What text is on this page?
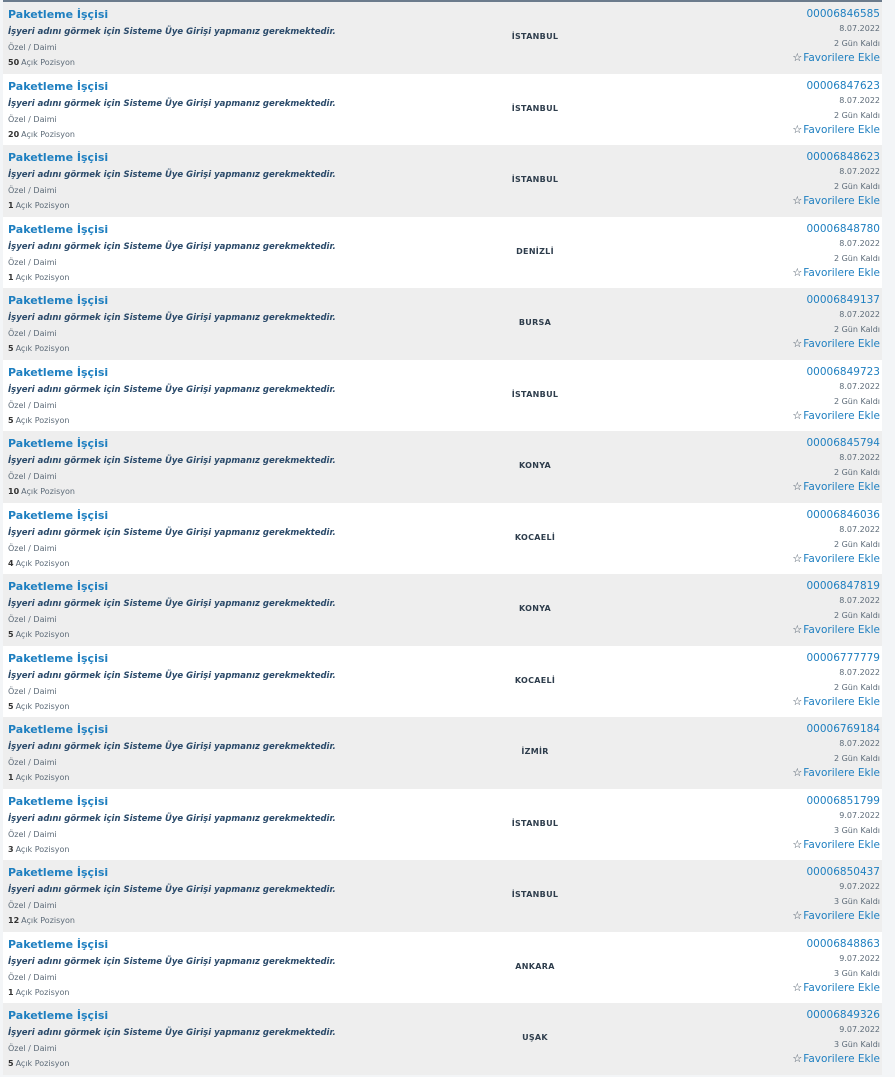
Paketleme İşçisi
İşyeri adını görmek için Sisteme Üye Girişi yapmanız gerekmektedir.
Özel / Daimi
50 Açık Pozisyon
İSTANBUL
00006846585
8.07.2022
2 Gün Kaldı
☆Favorilere Ekle
Paketleme İşçisi
İşyeri adını görmek için Sisteme Üye Girişi yapmanız gerekmektedir.
Özel / Daimi
20 Açık Pozisyon
İSTANBUL
00006847623
8.07.2022
2 Gün Kaldı
☆Favorilere Ekle
Paketleme İşçisi
İşyeri adını görmek için Sisteme Üye Girişi yapmanız gerekmektedir.
Özel / Daimi
1 Açık Pozisyon
İSTANBUL
00006848623
8.07.2022
2 Gün Kaldı
☆Favorilere Ekle
Paketleme İşçisi
İşyeri adını görmek için Sisteme Üye Girişi yapmanız gerekmektedir.
Özel / Daimi
1 Açık Pozisyon
DENİZLİ
00006848780
8.07.2022
2 Gün Kaldı
☆Favorilere Ekle
Paketleme İşçisi
İşyeri adını görmek için Sisteme Üye Girişi yapmanız gerekmektedir.
Özel / Daimi
5 Açık Pozisyon
BURSA
00006849137
8.07.2022
2 Gün Kaldı
☆Favorilere Ekle
Paketleme İşçisi
İşyeri adını görmek için Sisteme Üye Girişi yapmanız gerekmektedir.
Özel / Daimi
5 Açık Pozisyon
İSTANBUL
00006849723
8.07.2022
2 Gün Kaldı
☆Favorilere Ekle
Paketleme İşçisi
İşyeri adını görmek için Sisteme Üye Girişi yapmanız gerekmektedir.
Özel / Daimi
10 Açık Pozisyon
KONYA
00006845794
8.07.2022
2 Gün Kaldı
☆Favorilere Ekle
Paketleme İşçisi
İşyeri adını görmek için Sisteme Üye Girişi yapmanız gerekmektedir.
Özel / Daimi
4 Açık Pozisyon
KOCAELİ
00006846036
8.07.2022
2 Gün Kaldı
☆Favorilere Ekle
Paketleme İşçisi
İşyeri adını görmek için Sisteme Üye Girişi yapmanız gerekmektedir.
Özel / Daimi
5 Açık Pozisyon
KONYA
00006847819
8.07.2022
2 Gün Kaldı
☆Favorilere Ekle
Paketleme İşçisi
İşyeri adını görmek için Sisteme Üye Girişi yapmanız gerekmektedir.
Özel / Daimi
5 Açık Pozisyon
KOCAELİ
00006777779
8.07.2022
2 Gün Kaldı
☆Favorilere Ekle
Paketleme İşçisi
İşyeri adını görmek için Sisteme Üye Girişi yapmanız gerekmektedir.
Özel / Daimi
1 Açık Pozisyon
İZMİR
00006769184
8.07.2022
2 Gün Kaldı
☆Favorilere Ekle
Paketleme İşçisi
İşyeri adını görmek için Sisteme Üye Girişi yapmanız gerekmektedir.
Özel / Daimi
3 Açık Pozisyon
İSTANBUL
00006851799
9.07.2022
3 Gün Kaldı
☆Favorilere Ekle
Paketleme İşçisi
İşyeri adını görmek için Sisteme Üye Girişi yapmanız gerekmektedir.
Özel / Daimi
12 Açık Pozisyon
İSTANBUL
00006850437
9.07.2022
3 Gün Kaldı
☆Favorilere Ekle
Paketleme İşçisi
İşyeri adını görmek için Sisteme Üye Girişi yapmanız gerekmektedir.
Özel / Daimi
1 Açık Pozisyon
ANKARA
00006848863
9.07.2022
3 Gün Kaldı
☆Favorilere Ekle
Paketleme İşçisi
İşyeri adını görmek için Sisteme Üye Girişi yapmanız gerekmektedir.
Özel / Daimi
5 Açık Pozisyon
UŞAK
00006849326
9.07.2022
3 Gün Kaldı
☆Favorilere Ekle
